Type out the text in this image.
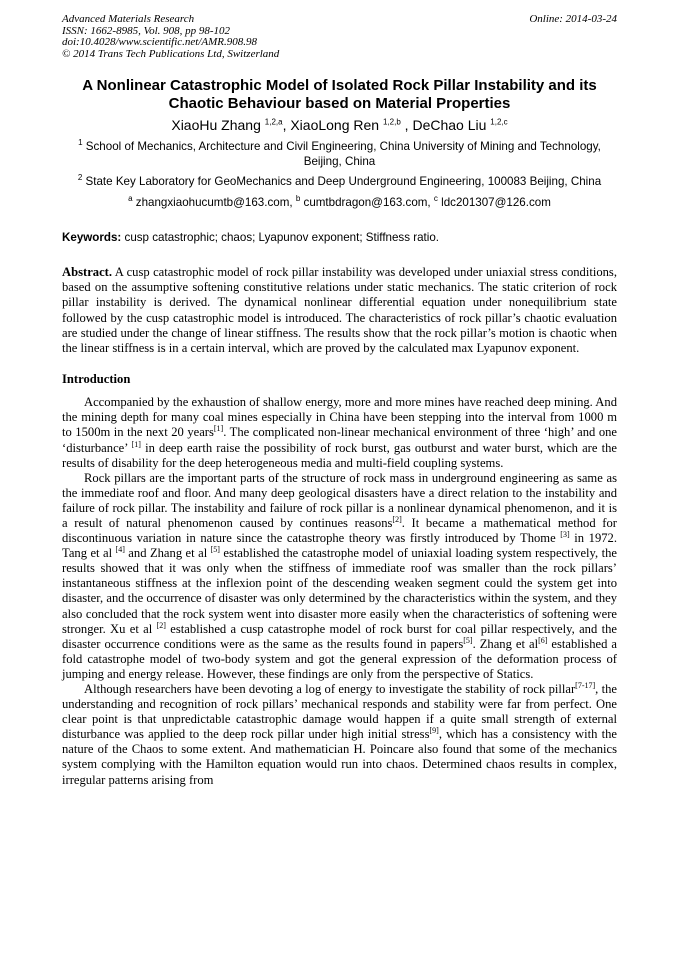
Advanced Materials Research
ISSN: 1662-8985, Vol. 908, pp 98-102
doi:10.4028/www.scientific.net/AMR.908.98
© 2014 Trans Tech Publications Ltd, Switzerland
Online: 2014-03-24
A Nonlinear Catastrophic Model of Isolated Rock Pillar Instability and its Chaotic Behaviour based on Material Properties
XiaoHu Zhang $^{1,2,a}$, XiaoLong Ren $^{1,2,b}$ , DeChao Liu $^{1,2,c}$
$^1$ School of Mechanics, Architecture and Civil Engineering, China University of Mining and Technology, Beijing, China
$^2$ State Key Laboratory for GeoMechanics and Deep Underground Engineering, 100083 Beijing, China
$^a$ zhangxiaohucumtb@163.com, $^b$ cumtbdragon@163.com, $^c$ ldc201307@126.com
Keywords: cusp catastrophic; chaos; Lyapunov exponent; Stiffness ratio.
Abstract. A cusp catastrophic model of rock pillar instability was developed under uniaxial stress conditions, based on the assumptive softening constitutive relations under static mechanics. The static criterion of rock pillar instability is derived. The dynamical nonlinear differential equation under nonequilibrium state followed by the cusp catastrophic model is introduced. The characteristics of rock pillar’s chaotic evaluation are studied under the change of linear stiffness. The results show that the rock pillar’s motion is chaotic when the linear stiffness is in a certain interval, which are proved by the calculated max Lyapunov exponent.
Introduction

Accompanied by the exhaustion of shallow energy, more and more mines have reached deep mining. And the mining depth for many coal mines especially in China have been stepping into the interval from 1000 m to 1500m in the next 20 years[1]. The complicated non-linear mechanical environment of three ‘high’ and one ‘disturbance’ [1] in deep earth raise the possibility of rock burst, gas outburst and water burst, which are the results of disability for the deep heterogeneous media and multi-field coupling systems.

Rock pillars are the important parts of the structure of rock mass in underground engineering as same as the immediate roof and floor. And many deep geological disasters have a direct relation to the instability and failure of rock pillar. The instability and failure of rock pillar is a nonlinear dynamical phenomenon, and it is a result of natural phenomenon caused by continues reasons[2]. It became a mathematical method for discontinuous variation in nature since the catastrophe theory was firstly introduced by Thome [3] in 1972. Tang et al [4] and Zhang et al [5] established the catastrophe model of uniaxial loading system respectively, the results showed that it was only when the stiffness of immediate roof was smaller than the rock pillars’ instantaneous stiffness at the inflexion point of the descending weaken segment could the system get into disaster, and the occurrence of disaster was only determined by the characteristics within the system, and they also concluded that the rock system went into disaster more easily when the characteristics of softening were stronger. Xu et al [2] established a cusp catastrophe model of rock burst for coal pillar respectively, and the disaster occurrence conditions were as the same as the results found in papers[5]. Zhang et al[6] established a fold catastrophe model of two-body system and got the general expression of the deformation process of jumping and energy release. However, these findings are only from the perspective of Statics.

Although researchers have been devoting a log of energy to investigate the stability of rock pillar[7-17], the understanding and recognition of rock pillars’ mechanical responds and stability were far from perfect. One clear point is that unpredictable catastrophic damage would happen if a quite small strength of external disturbance was applied to the deep rock pillar under high initial stress[9], which has a consistency with the nature of the Chaos to some extent. And mathematician H. Poincare also found that some of the mechanics system complying with the Hamilton equation would run into chaos. Determined chaos results in complex, irregular patterns arising from
